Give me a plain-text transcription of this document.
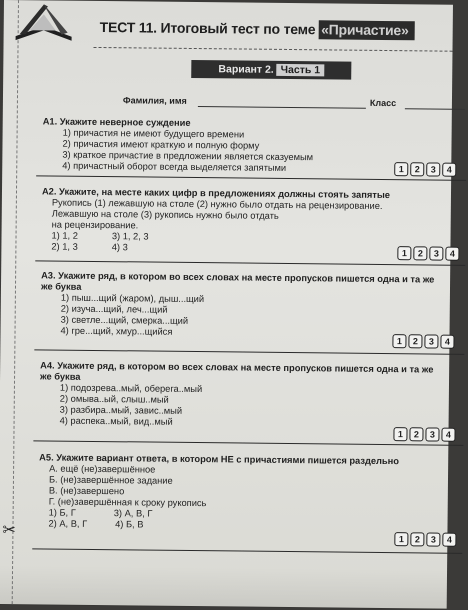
ТЕСТ 11. Итоговый тест по теме «Причастие»
Вариант 2. Часть 1
Фамилия, имя	Класс
А1. Укажите неверное суждение
1) причастия не имеют будущего времени
2) причастия имеют краткую и полную форму
3) краткое причастие в предложении является сказуемым
4) причастный оборот всегда выделяется запятыми	1	2	3	4
А2. Укажите, на месте каких цифр в предложениях должны стоять запятые
Рукопись (1) лежавшую на столе (2) нужно было отдать на рецензирование.
Лежавшую на столе (3) рукопись нужно было отдать
на рецензирование.
1) 1, 2	3) 1, 2, 3
2) 1, 3	4) 3
1	2	3	4
А3. Укажите ряд, в котором во всех словах на месте пропусков пишется одна и та же
же буква
1) пыш...щий (жаром), дыш...щий
2) изуча...щий, леч...щий
3) светле...щий, смерка...щий
4) гре...щий, хмур...щийся
1	2	3	4
А4. Укажите ряд, в котором во всех словах на месте пропусков пишется одна и та же
же буква
1) подозрева..мый, оберега..мый
2) омыва..ый, слыш..мый
3) разбира..мый, завис..мый
4) распека..мый, вид..мый
1	2	3	4
А5. Укажите вариант ответа, в котором НЕ с причастиями пишется раздельно
А. ещё (не)завершённое
Б. (не)завершённое задание
В. (не)завершено
Г. (не)завершённая к сроку рукопись
1) Б, Г	3) А, В, Г
2) А, В, Г	4) Б, В
1	2	3	4
✂
